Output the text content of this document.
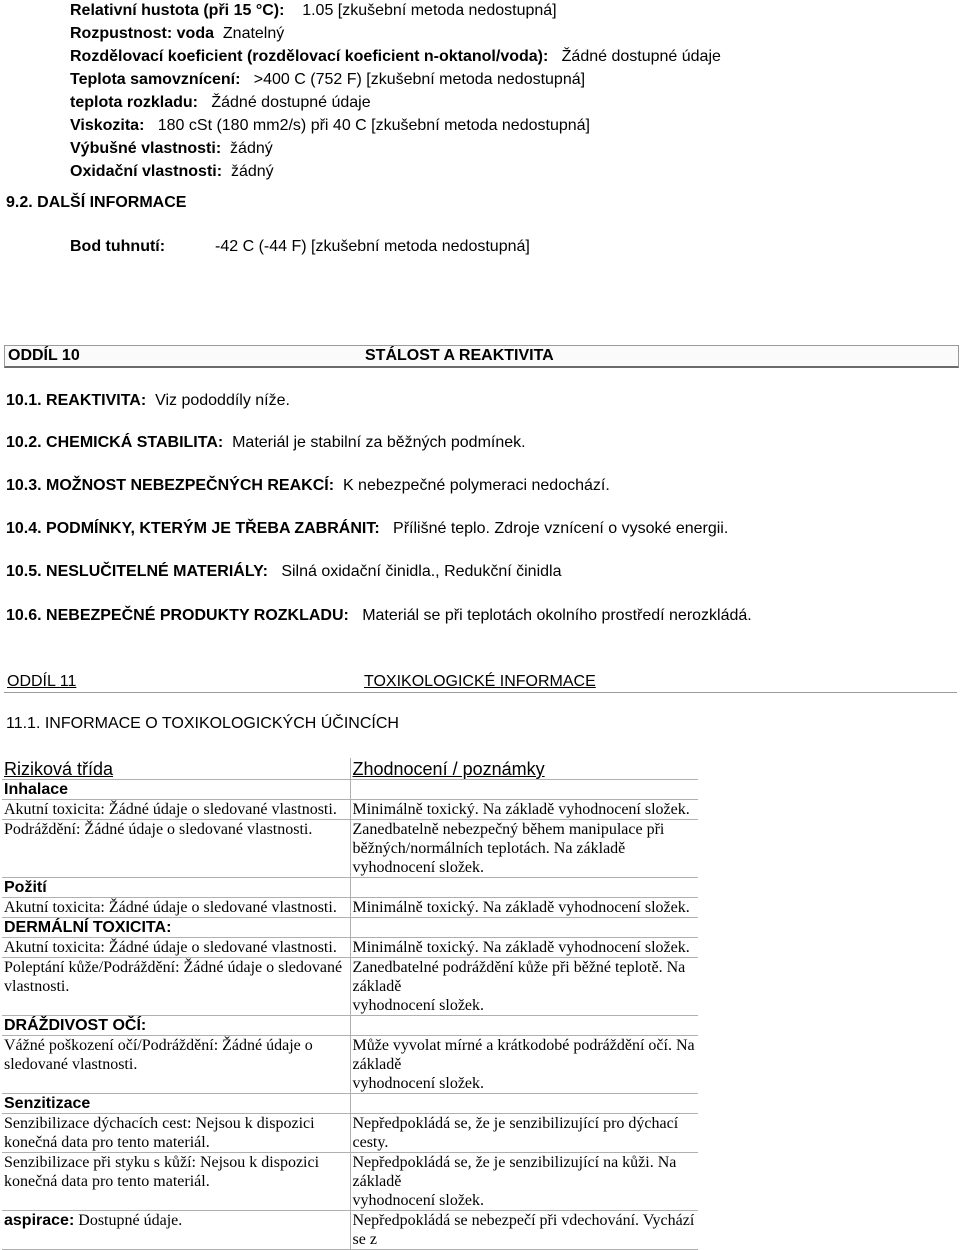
Relativní hustota (při 15 °C): 1.05 [zkušební metoda nedostupná]
Rozpustnost: voda Znatelný
Rozdělovací koeficient (rozdělovací koeficient n-oktanol/voda): Žádné dostupné údaje
Teplota samovznícení: >400 C (752 F) [zkušební metoda nedostupná]
teplota rozkladu: Žádné dostupné údaje
Viskozita: 180 cSt (180 mm2/s) při 40 C [zkušební metoda nedostupná]
Výbušné vlastnosti: žádný
Oxidační vlastnosti: žádný
9.2. DALŠÍ INFORMACE
Bod tuhnutí:	-42 C (-44 F) [zkušební metoda nedostupná]
ODDÍL 10	STÁLOST A REAKTIVITA
10.1. REAKTIVITA: Viz pododdíly níže.
10.2. CHEMICKÁ STABILITA: Materiál je stabilní za běžných podmínek.
10.3. MOŽNOST NEBEZPEČNÝCH REAKCÍ: K nebezpečné polymeraci nedochází.
10.4. PODMÍNKY, KTERÝM JE TŘEBA ZABRÁNIT: Přílišné teplo. Zdroje vznícení o vysoké energii.
10.5. NESLUČITELNÉ MATERIÁLY: Silná oxidační činidla., Redukční činidla
10.6. NEBEZPEČNÉ PRODUKTY ROZKLADU: Materiál se při teplotách okolního prostředí nerozkládá.
ODDÍL 11	TOXIKOLOGICKÉ INFORMACE
11.1. INFORMACE O TOXIKOLOGICKÝCH ÚČINCÍCH
Riziková třída	Zhodnocení / poznámky
Inhalace	
Akutní toxicita: Žádné údaje o sledované vlastnosti.	Minimálně toxický. Na základě vyhodnocení složek.

Podráždění: Žádné údaje o sledované vlastnosti.	Zanedbatelně nebezpečný během manipulace při
běžných/normálních teplotách. Na základě vyhodnocení složek.

Požití	
Akutní toxicita: Žádné údaje o sledované vlastnosti.	Minimálně toxický. Na základě vyhodnocení složek.

DERMÁLNÍ TOXICITA:	
Akutní toxicita: Žádné údaje o sledované vlastnosti.	Minimálně toxický. Na základě vyhodnocení složek.

Poleptání kůže/Podráždění: Žádné údaje o sledované vlastnosti.	Zanedbatelné podráždění kůže při běžné teplotě. Na základě
vyhodnocení složek.

DRÁŽDIVOST OČÍ:	
Vážné poškození očí/Podráždění: Žádné údaje o sledované vlastnosti.	Může vyvolat mírné a krátkodobé podráždění očí. Na základě
vyhodnocení složek.

Senzitizace	
Senzibilizace dýchacích cest: Nejsou k dispozici konečná data pro tento materiál.	Nepředpokládá se, že je senzibilizující pro dýchací cesty.

Senzibilizace při styku s kůží: Nejsou k dispozici konečná data pro tento materiál.	Nepředpokládá se, že je senzibilizující na kůži. Na základě
vyhodnocení složek.

aspirace: Dostupné údaje.	Nepředpokládá se nebezpečí při vdechování. Vychází se z
